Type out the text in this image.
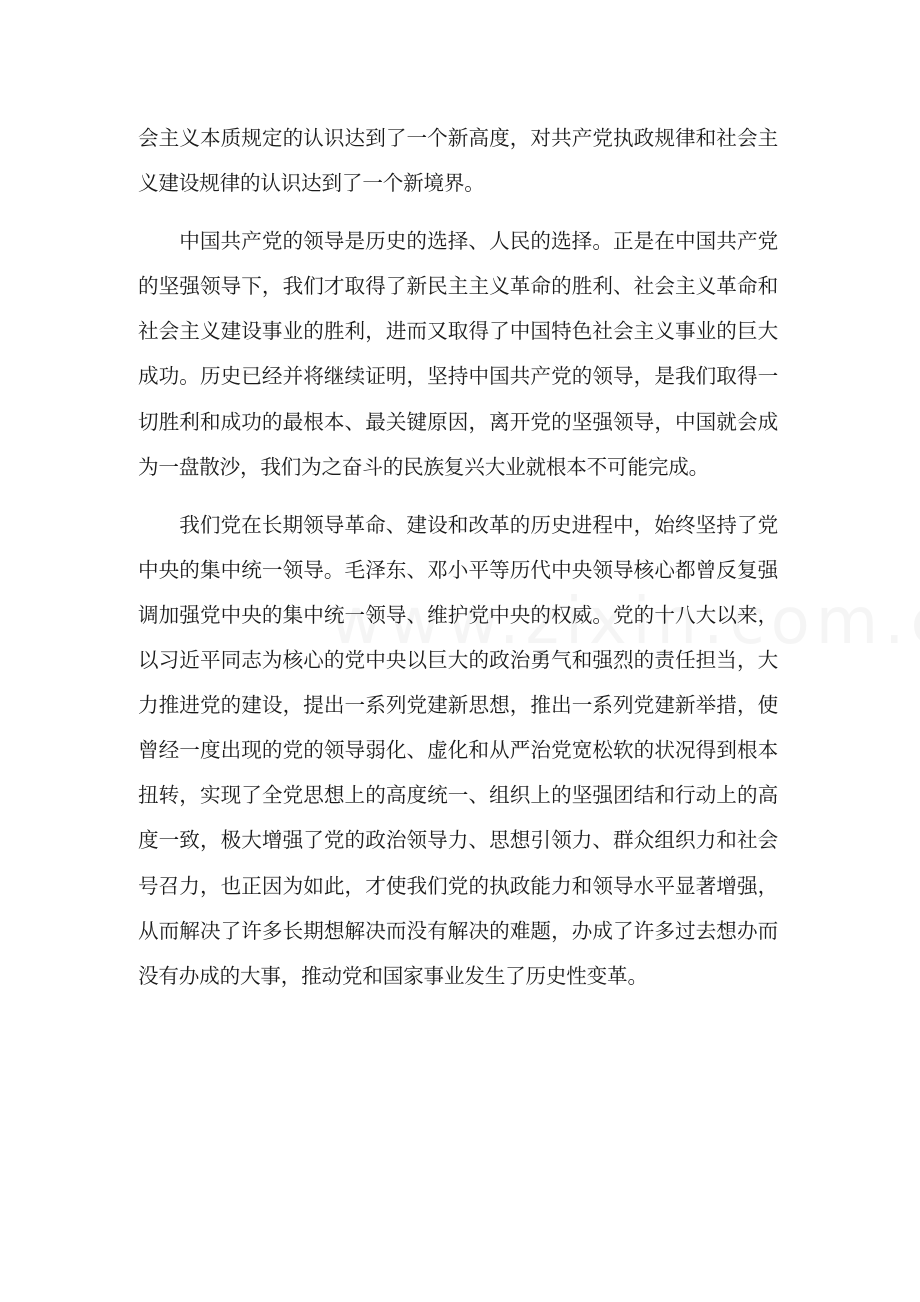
会主义本质规定的认识达到了一个新高度，对共产党执政规律和社会主义建设规律的认识达到了一个新境界。

中国共产党的领导是历史的选择、人民的选择。正是在中国共产党的坚强领导下，我们才取得了新民主主义革命的胜利、社会主义革命和社会主义建设事业的胜利，进而又取得了中国特色社会主义事业的巨大成功。历史已经并将继续证明，坚持中国共产党的领导，是我们取得一切胜利和成功的最根本、最关键原因，离开党的坚强领导，中国就会成为一盘散沙，我们为之奋斗的民族复兴大业就根本不可能完成。

我们党在长期领导革命、建设和改革的历史进程中，始终坚持了党中央的集中统一领导。毛泽东、邓小平等历代中央领导核心都曾反复强调加强党中央的集中统一领导、维护党中央的权威。党的十八大以来，以习近平同志为核心的党中央以巨大的政治勇气和强烈的责任担当，大力推进党的建设，提出一系列党建新思想，推出一系列党建新举措，使曾经一度出现的党的领导弱化、虚化和从严治党宽松软的状况得到根本扭转，实现了全党思想上的高度统一、组织上的坚强团结和行动上的高度一致，极大增强了党的政治领导力、思想引领力、群众组织力和社会号召力，也正因为如此，才使我们党的执政能力和领导水平显著增强，从而解决了许多长期想解决而没有解决的难题，办成了许多过去想办而没有办成的大事，推动党和国家事业发生了历史性变革。
